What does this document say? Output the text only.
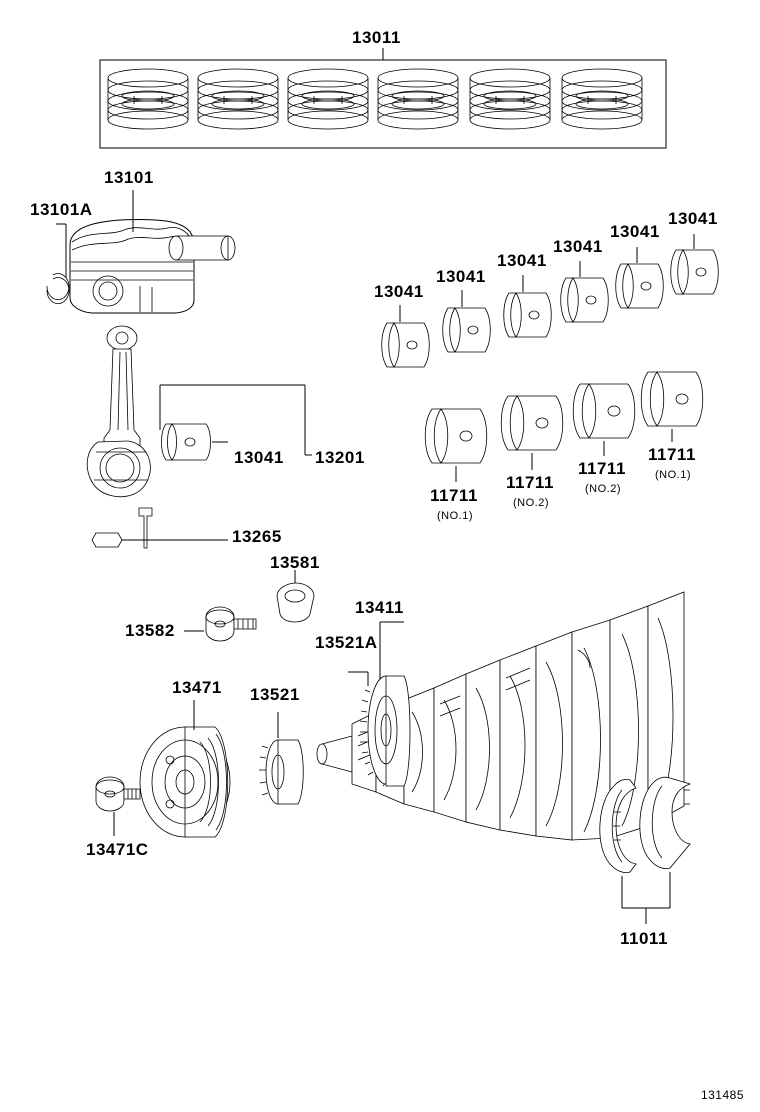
13011
13101
13101A
13041 13201
13265
13581
13582
13411
13521A
13471 13521
13471C
11011
13041
13041
13041
13041
13041
13041
11711
(NO.1)
11711
(NO.2)
11711
(NO.2)
11711
(NO.1)
131485
